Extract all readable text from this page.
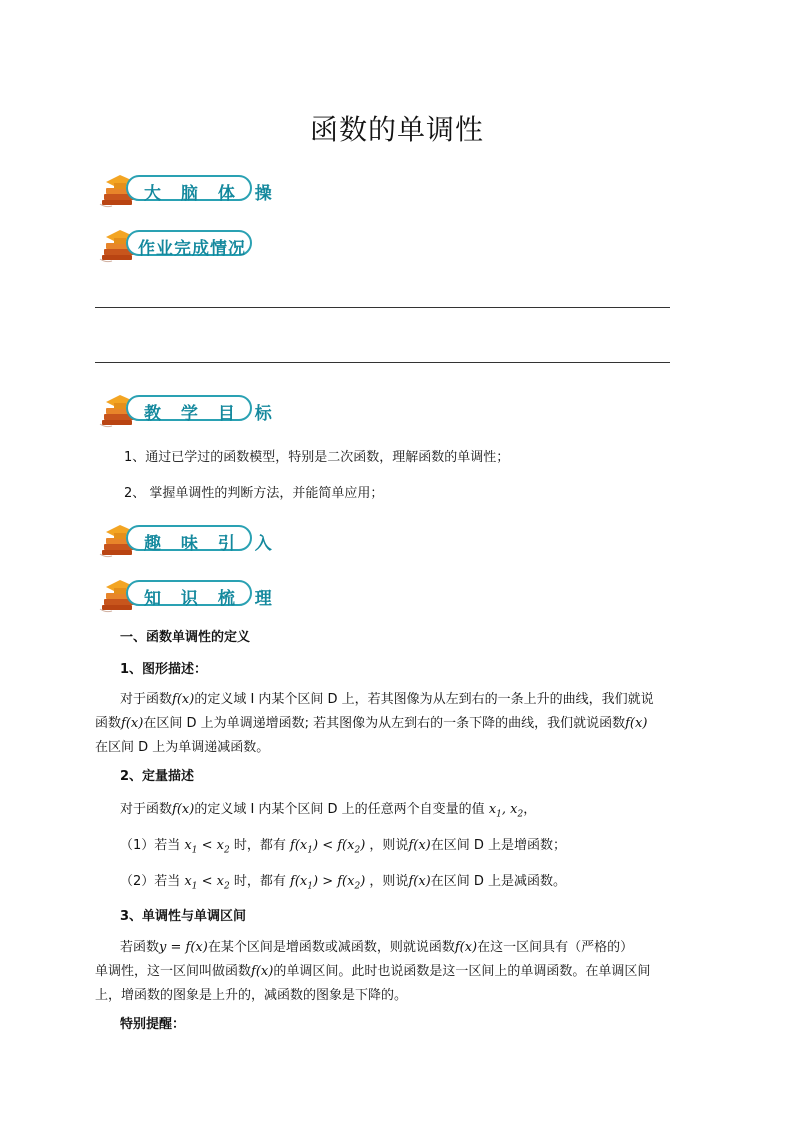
函数的单调性
大 脑 体 操
作业完成情况
教 学 目 标
1、通过已学过的函数模型，特别是二次函数，理解函数的单调性；
2、 掌握单调性的判断方法，并能简单应用；
趣 味 引 入
知 识 梳 理
一、函数单调性的定义
1、图形描述：
对于函数f(x)的定义域 I 内某个区间 D 上，若其图像为从左到右的一条上升的曲线，我们就说
函数f(x)在区间 D 上为单调递增函数; 若其图像为从左到右的一条下降的曲线，我们就说函数f(x)
在区间 D 上为单调递减函数。
2、定量描述
对于函数f(x)的定义域 I 内某个区间 D 上的任意两个自变量的值 $x_1$, $x_2$，
（1）若当 $x_1 < x_2$ 时，都有 $f(x_1) < f(x_2)$ ，则说f(x)在区间 D 上是增函数；
（2）若当 $x_1 < x_2$ 时，都有 $f(x_1) > f(x_2)$ ，则说f(x)在区间 D 上是减函数。
3、单调性与单调区间
若函数y = f(x)在某个区间是增函数或减函数，则就说函数f(x)在这一区间具有（严格的）
单调性，这一区间叫做函数f(x)的单调区间。此时也说函数是这一区间上的单调函数。在单调区间
上，增函数的图象是上升的，减函数的图象是下降的。
特别提醒：
